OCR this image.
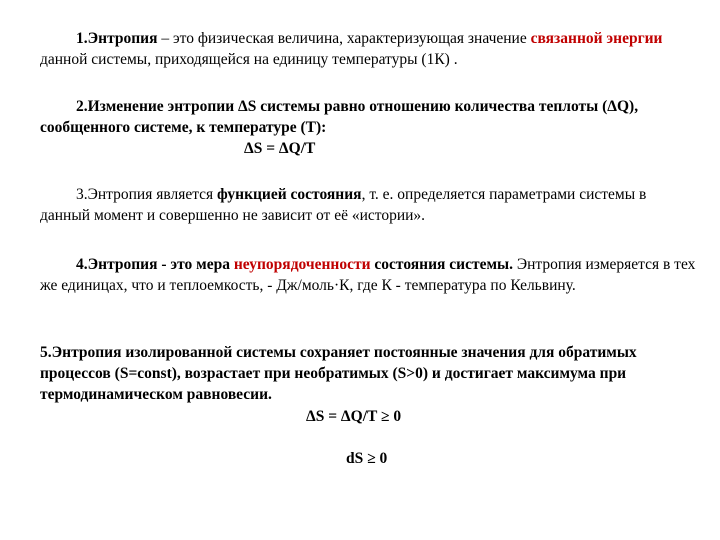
1.Энтропия – это физическая величина, характеризующая значение связанной энергии данной системы, приходящейся на единицу температуры (1К) .

2.Изменение энтропии ΔS системы равно отношению количества теплоты (ΔQ), сообщенного системе, к температуре (Т):

ΔS = ΔQ/T

3.Энтропия является функцией состояния, т. е. определяется параметрами системы в данный момент и совершенно не зависит от её «истории».

4.Энтропия - это мера неупорядоченности состояния системы. Энтропия измеряется в тех же единицах, что и теплоемкость, - Дж/моль·К, где К - температура по Кельвину.

5.Энтропия изолированной системы сохраняет постоянные значения для обратимых процессов (S=const), возрастает при необратимых (S>0) и достигает максимума при термодинамическом равновесии.

ΔS = ΔQ/T ≥ 0
dS ≥ 0
